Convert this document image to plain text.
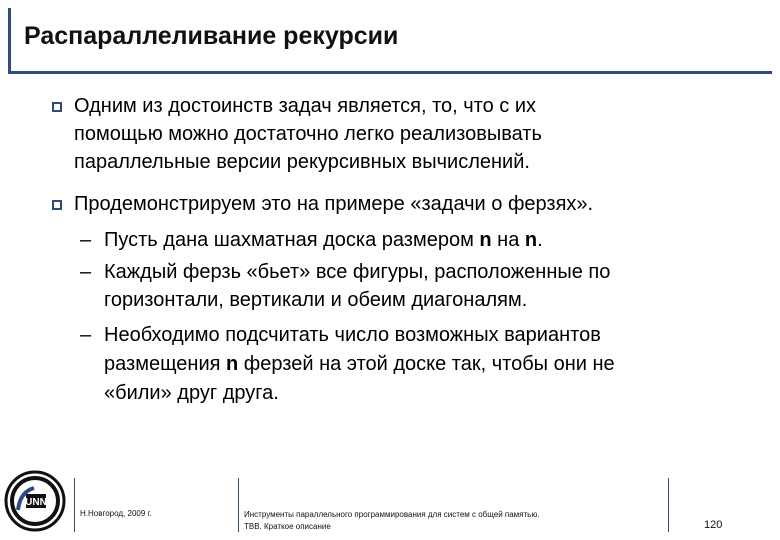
Распараллеливание рекурсии
Одним из достоинств задач является, то, что с их
помощью можно достаточно легко реализовывать
параллельные версии рекурсивных вычислений.
Продемонстрируем это на примере «задачи о ферзях».
– Пусть дана шахматная доска размером n на n.
– Каждый ферзь «бьет» все фигуры, расположенные по
горизонтали, вертикали и обеим диагоналям.
– Необходимо подсчитать число возможных вариантов
размещения n ферзей на этой доске так, чтобы они не
«били» друг друга.
UNN
Н.Новгород, 2009 г.	Инструменты параллельного программирования для систем с общей памятью.
ТВВ. Краткое описание	120
